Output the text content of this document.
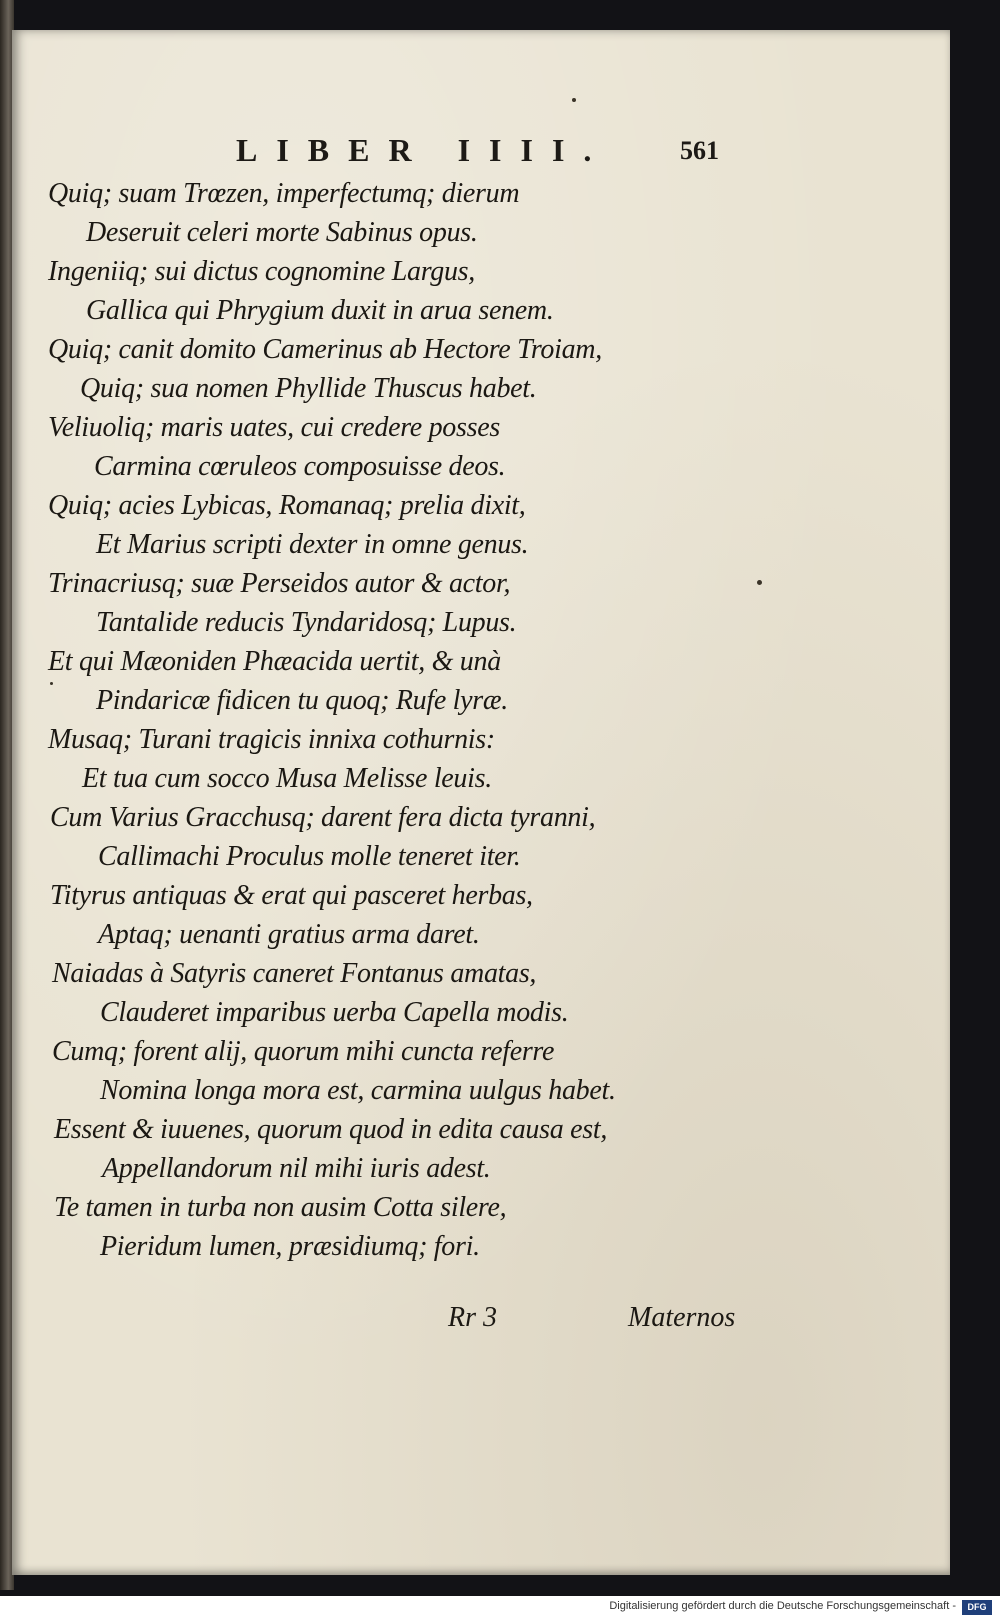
LIBER IIII.	561
Quiq; suam Trœzen, imperfectumq; dierum
Deseruit celeri morte Sabinus opus.
Ingeniiq; sui dictus cognomine Largus,
Gallica qui Phrygium duxit in arua senem.
Quiq; canit domito Camerinus ab Hectore Troiam,
Quiq; sua nomen Phyllide Thuscus habet.
Veliuoliq; maris uates, cui credere posses
Carmina cœruleos composuisse deos.
Quiq; acies Lybicas, Romanaq; prelia dixit,
Et Marius scripti dexter in omne genus.
Trinacriusq; suæ Perseidos autor & actor,
Tantalide reducis Tyndaridosq; Lupus.
Et qui Mæoniden Phæacida uertit, & unà
Pindaricæ fidicen tu quoq; Rufe lyræ.
Musaq; Turani tragicis innixa cothurnis:
Et tua cum socco Musa Melisse leuis.
Cum Varius Gracchusq; darent fera dicta tyranni,
Callimachi Proculus molle teneret iter.
Tityrus antiquas & erat qui pasceret herbas,
Aptaq; uenanti gratius arma daret.
Naiadas à Satyris caneret Fontanus amatas,
Clauderet imparibus uerba Capella modis.
Cumq; forent alij, quorum mihi cuncta referre
Nomina longa mora est, carmina uulgus habet.
Essent & iuuenes, quorum quod in edita causa est,
Appellandorum nil mihi iuris adest.
Te tamen in turba non ausim Cotta silere,
Pieridum lumen, præsidiumq; fori.
Rr 3	Maternos
Digitalisierung gefördert durch die Deutsche Forschungsgemeinschaft -	DFG
